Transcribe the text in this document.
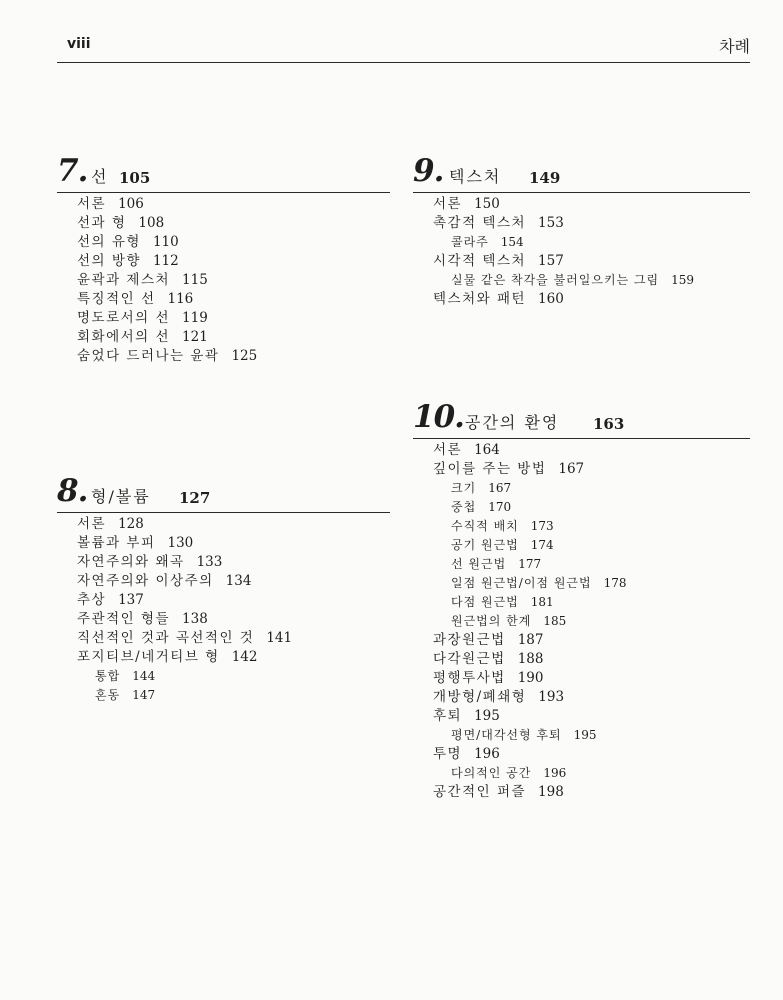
viii	차례
7. 선 105
서론 106
선과 형 108
선의 유형 110
선의 방향 112
윤곽과 제스처 115
특징적인 선 116
명도로서의 선 119
회화에서의 선 121
숨었다 드러나는 윤곽 125
8. 형/볼륨 127
서론 128
볼륨과 부피 130
자연주의와 왜곡 133
자연주의와 이상주의 134
추상 137
주관적인 형들 138
직선적인 것과 곡선적인 것 141
포지티브/네거티브 형 142
통합 144
혼동 147
9. 텍스처 149
서론 150
촉감적 텍스처 153
콜라주 154
시각적 텍스처 157
실물 같은 착각을 불러일으키는 그림 159
텍스처와 패턴 160
10. 공간의 환영 163
서론 164
깊이를 주는 방법 167
크기 167
중첩 170
수직적 배치 173
공기 원근법 174
선 원근법 177
일점 원근법/이점 원근법 178
다점 원근법 181
원근법의 한계 185
과장원근법 187
다각원근법 188
평행투사법 190
개방형/폐쇄형 193
후퇴 195
평면/대각선형 후퇴 195
투명 196
다의적인 공간 196
공간적인 퍼즐 198
